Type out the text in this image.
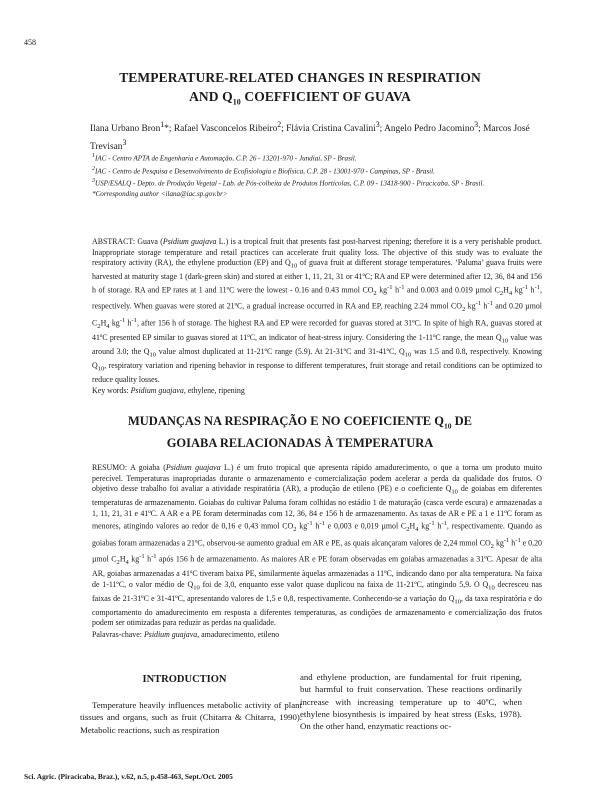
458
TEMPERATURE-RELATED CHANGES IN RESPIRATION
AND $Q_{10}$ COEFFICIENT OF GUAVA
Ilana Urbano Bron$^1$*; Rafael Vasconcelos Ribeiro$^2$; Flávia Cristina Cavalini$^3$; Angelo Pedro Jacomino$^3$; Marcos José Trevisan$^3$

$^1$IAC - Centro APTA de Engenharia e Automação, C.P. 26 - 13201-970 - Jundiaí, SP - Brasil.

$^2$IAC - Centro de Pesquisa e Desenvolvimento de Ecofisiologia e Biofísica, C.P. 28 - 13001-970 - Campinas, SP - Brasil.

$^3$USP/ESALQ - Depto. de Produção Vegetal - Lab. de Pós-colheita de Produtos Hortícolas, C.P. 09 - 13418-900 - Piracicaba, SP - Brasil.

*Corresponding author <ilana@iac.sp.gov.br>

ABSTRACT: Guava (Psidium guajava L.) is a tropical fruit that presents fast post-harvest ripening; therefore it is a very perishable product. Inappropriate storage temperature and retail practices can accelerate fruit quality loss. The objective of this study was to evaluate the respiratory activity (RA), the ethylene production (EP) and $Q_{10}$ of guava fruit at different storage temperatures. ‘Paluma’ guava fruits were harvested at maturity stage 1 (dark-green skin) and stored at either 1, 11, 21, 31 or 41ºC; RA and EP were determined after 12, 36, 84 and 156 h of storage. RA and EP rates at 1 and 11ºC were the lowest - 0.16 and 0.43 mmol $CO_2$ $kg^{-1}$ $h^{-1}$ and 0.003 and 0.019 µmol $C_2H_4$ $kg^{-1}$ $h^{-1}$, respectively. When guavas were stored at 21ºC, a gradual increase occurred in RA and EP, reaching 2.24 mmol $CO_2$ $kg^{-1}$ $h^{-1}$ and 0.20 µmol $C_2H_4$ $kg^{-1}$ $h^{-1}$, after 156 h of storage. The highest RA and EP were recorded for guavas stored at 31ºC. In spite of high RA, guavas stored at 41ºC presented EP similar to guavas stored at 11ºC, an indicator of heat-stress injury. Considering the 1-11ºC range, the mean $Q_{10}$ value was around 3.0; the $Q_{10}$ value almost duplicated at 11-21ºC range (5.9). At 21-31ºC and 31-41ºC, $Q_{10}$ was 1.5 and 0.8, respectively. Knowing $Q_{10}$, respiratory variation and ripening behavior in response to different temperatures, fruit storage and retail conditions can be optimized to reduce quality losses.
Key words: Psidium guajava, ethylene, ripening
MUDANÇAS NA RESPIRAÇÃO E NO COEFICIENTE $Q_{10}$ DE
GOIABA RELACIONADAS À TEMPERATURA
RESUMO: A goiaba (Psidium guajava L.) é um fruto tropical que apresenta rápido amadurecimento, o que a torna um produto muito perecível. Temperaturas inapropriadas durante o armazenamento e comercialização podem acelerar a perda da qualidade dos frutos. O objetivo desse trabalho foi avaliar a atividade respiratória (AR), a produção de etileno (PE) e o coeficiente $Q_{10}$ de goiabas em diferentes temperaturas de armazenamento. Goiabas do cultivar Paluma foram colhidas no estádio 1 de maturação (casca verde escura) e armazenadas a 1, 11, 21, 31 e 41ºC. A AR e a PE foram determinadas com 12, 36, 84 e 156 h de armazenamento. As taxas de AR e PE a 1 e 11ºC foram as menores, atingindo valores ao redor de 0,16 e 0,43 mmol $CO_2$ $kg^{-1}$ $h^{-1}$ e 0,003 e 0,019 µmol $C_2H_4$ $kg^{-1}$ $h^{-1}$, respectivamente. Quando as goiabas foram armazenadas a 21ºC, observou-se aumento gradual em AR e PE, as quais alcançaram valores de 2,24 mmol $CO_2$ $kg^{-1}$ $h^{-1}$ e 0,20 µmol $C_2H_4$ $kg^{-1}$ $h^{-1}$ após 156 h de armazenamento. As maiores AR e PE foram observadas em goiabas armazenadas a 31ºC. Apesar de alta AR, goiabas armazenadas a 41ºC tiveram baixa PE, similarmente àquelas armazenadas a 11ºC, indicando dano por alta temperatura. Na faixa de 1-11ºC, o valor médio de $Q_{10}$ foi de 3,0, enquanto esse valor quase duplicou na faixa de 11-21ºC, atingindo 5,9. O $Q_{10}$ decresceu nas faixas de 21-31ºC e 31-41ºC, apresentando valores de 1,5 e 0,8, respectivamente. Conhecendo-se a variação do $Q_{10}$, da taxa respiratória e do comportamento do amadurecimento em resposta a diferentes temperaturas, as condições de armazenamento e comercialização dos frutos podem ser otimizadas para reduzir as perdas na qualidade.
Palavras-chave: Psidium guajava, amadurecimento, etileno
INTRODUCTION
Temperature heavily influences metabolic activity of plant tissues and organs, such as fruit (Chitarra & Chitarra, 1990). Metabolic reactions, such as respiration
and ethylene production, are fundamental for fruit ripening, but harmful to fruit conservation. These reactions ordinarily increase with increasing temperature up to 40ºC, when ethylene biosynthesis is impaired by heat stress (Esks, 1978). On the other hand, enzymatic reactions oc-
Sci. Agric. (Piracicaba, Braz.), v.62, n.5, p.458-463, Sept./Oct. 2005
